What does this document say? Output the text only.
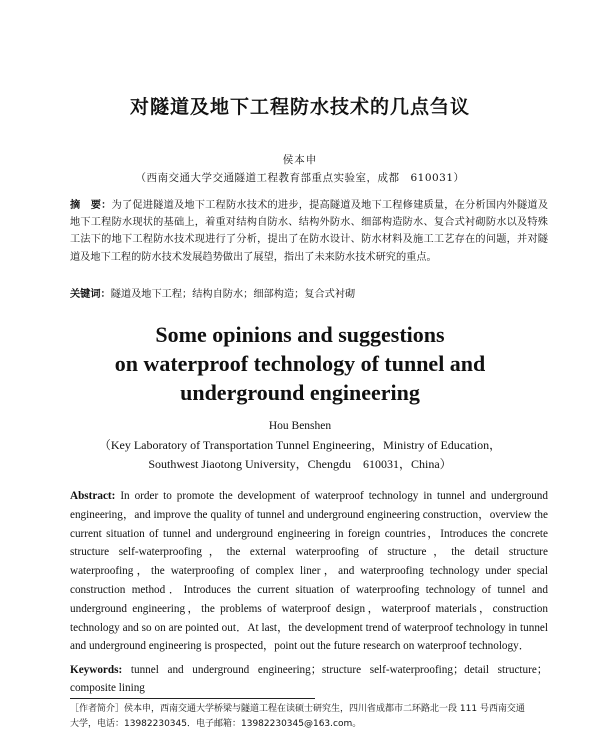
对隧道及地下工程防水技术的几点刍议
侯本申
（西南交通大学交通隧道工程教育部重点实验室，成都　610031）
摘　要：为了促进隧道及地下工程防水技术的进步，提高隧道及地下工程修建质量，在分析国内外隧道及地下工程防水现状的基础上，着重对结构自防水、结构外防水、细部构造防水、复合式衬砌防水以及特殊工法下的地下工程防水技术现进行了分析，提出了在防水设计、防水材料及施工工艺存在的问题，并对隧道及地下工程的防水技术发展趋势做出了展望，指出了未来防水技术研究的重点。
关键词：隧道及地下工程；结构自防水；细部构造；复合式衬砌
Some opinions and suggestions
on waterproof technology of tunnel and
underground engineering
Hou Benshen
（Key Laboratory of Transportation Tunnel Engineering，Ministry of Education，
Southwest Jiaotong University，Chengdu　610031，China）
Abstract: In order to promote the development of waterproof technology in tunnel and underground engineering，and improve the quality of tunnel and underground engineering construction，overview the current situation of tunnel and underground engineering in foreign countries，Introduces the concrete structure self-waterproofing，the external waterproofing of structure，the detail structure waterproofing，the waterproofing of complex liner，and waterproofing technology under special construction method．Introduces the current situation of waterproofing technology of tunnel and underground engineering，the problems of waterproof design，waterproof materials，construction technology and so on are pointed out．At last，the development trend of waterproof technology in tunnel and underground engineering is prospected，point out the future research on waterproof technology．
Keywords: tunnel and underground engineering；structure self-waterproofing；detail structure；composite lining
［作者简介］侯本申，西南交通大学桥梁与隧道工程在读硕士研究生，四川省成都市二环路北一段 111 号西南交通
大学，电话：13982230345．电子邮箱：13982230345@163.com。
